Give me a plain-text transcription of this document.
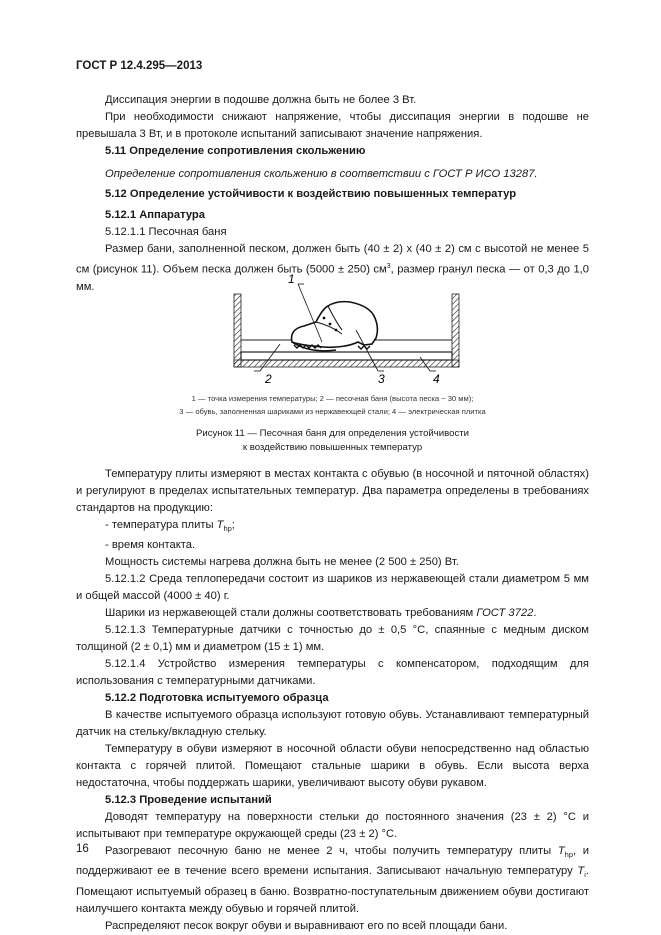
ГОСТ Р 12.4.295—2013

Диссипация энергии в подошве должна быть не более 3 Вт.

При необходимости снижают напряжение, чтобы диссипация энергии в подошве не превышала 3 Вт, и в протоколе испытаний записывают значение напряжения.

5.11 Определение сопротивления скольжению

Определение сопротивления скольжению в соответствии с ГОСТ Р ИСО 13287.

5.12 Определение устойчивости к воздействию повышенных температур

5.12.1 Аппаратура

5.12.1.1 Песочная баня

Размер бани, заполненной песком, должен быть (40 ± 2) х (40 ± 2) см с высотой не менее 5 см (рисунок 11). Объем песка должен быть (5000 ± 250) $см^3$, размер гранул песка — от 0,3 до 1,0 мм.

1
2	3	4
1 — точка измерения температуры; 2 — песочная баня (высота песка ~ 30 мм);
3 — обувь, заполненная шариками из нержавеющей стали; 4 — электрическая плитка
Рисунок 11 — Песочная баня для определения устойчивости
к воздействию повышенных температур

Температуру плиты измеряют в местах контакта с обувью (в носочной и пяточной областях) и регулируют в пределах испытательных температур. Два параметра определены в требованиях стандартов на продукцию:

- температура плиты $T_{hp}$;

- время контакта.

Мощность системы нагрева должна быть не менее (2 500 ± 250) Вт.

5.12.1.2 Среда теплопередачи состоит из шариков из нержавеющей стали диаметром 5 мм и общей массой (4000 ± 40) г.

Шарики из нержавеющей стали должны соответствовать требованиям ГОСТ 3722.

5.12.1.3 Температурные датчики с точностью до ± 0,5 °С, спаянные с медным диском толщиной (2 ± 0,1) мм и диаметром (15 ± 1) мм.

5.12.1.4 Устройство измерения температуры с компенсатором, подходящим для использования с температурными датчиками.

5.12.2 Подготовка испытуемого образца

В качестве испытуемого образца используют готовую обувь. Устанавливают температурный датчик на стельку/вкладную стельку.

Температуру в обуви измеряют в носочной области обуви непосредственно над областью контакта с горячей плитой. Помещают стальные шарики в обувь. Если высота верха недостаточна, чтобы поддержать шарики, увеличивают высоту обуви рукавом.

5.12.3 Проведение испытаний

Доводят температуру на поверхности стельки до постоянного значения (23 ± 2) °С и испытывают при температуре окружающей среды (23 ± 2) °С.

Разогревают песочную баню не менее 2 ч, чтобы получить температуру плиты $T_{hp}$, и поддерживают ее в течение всего времени испытания. Записывают начальную температуру $T_i$. Помещают испытуемый образец в баню. Возвратно-поступательным движением обуви достигают наилучшего контакта между обувью и горячей плитой.

Распределяют песок вокруг обуви и выравнивают его по всей площади бани.

16
